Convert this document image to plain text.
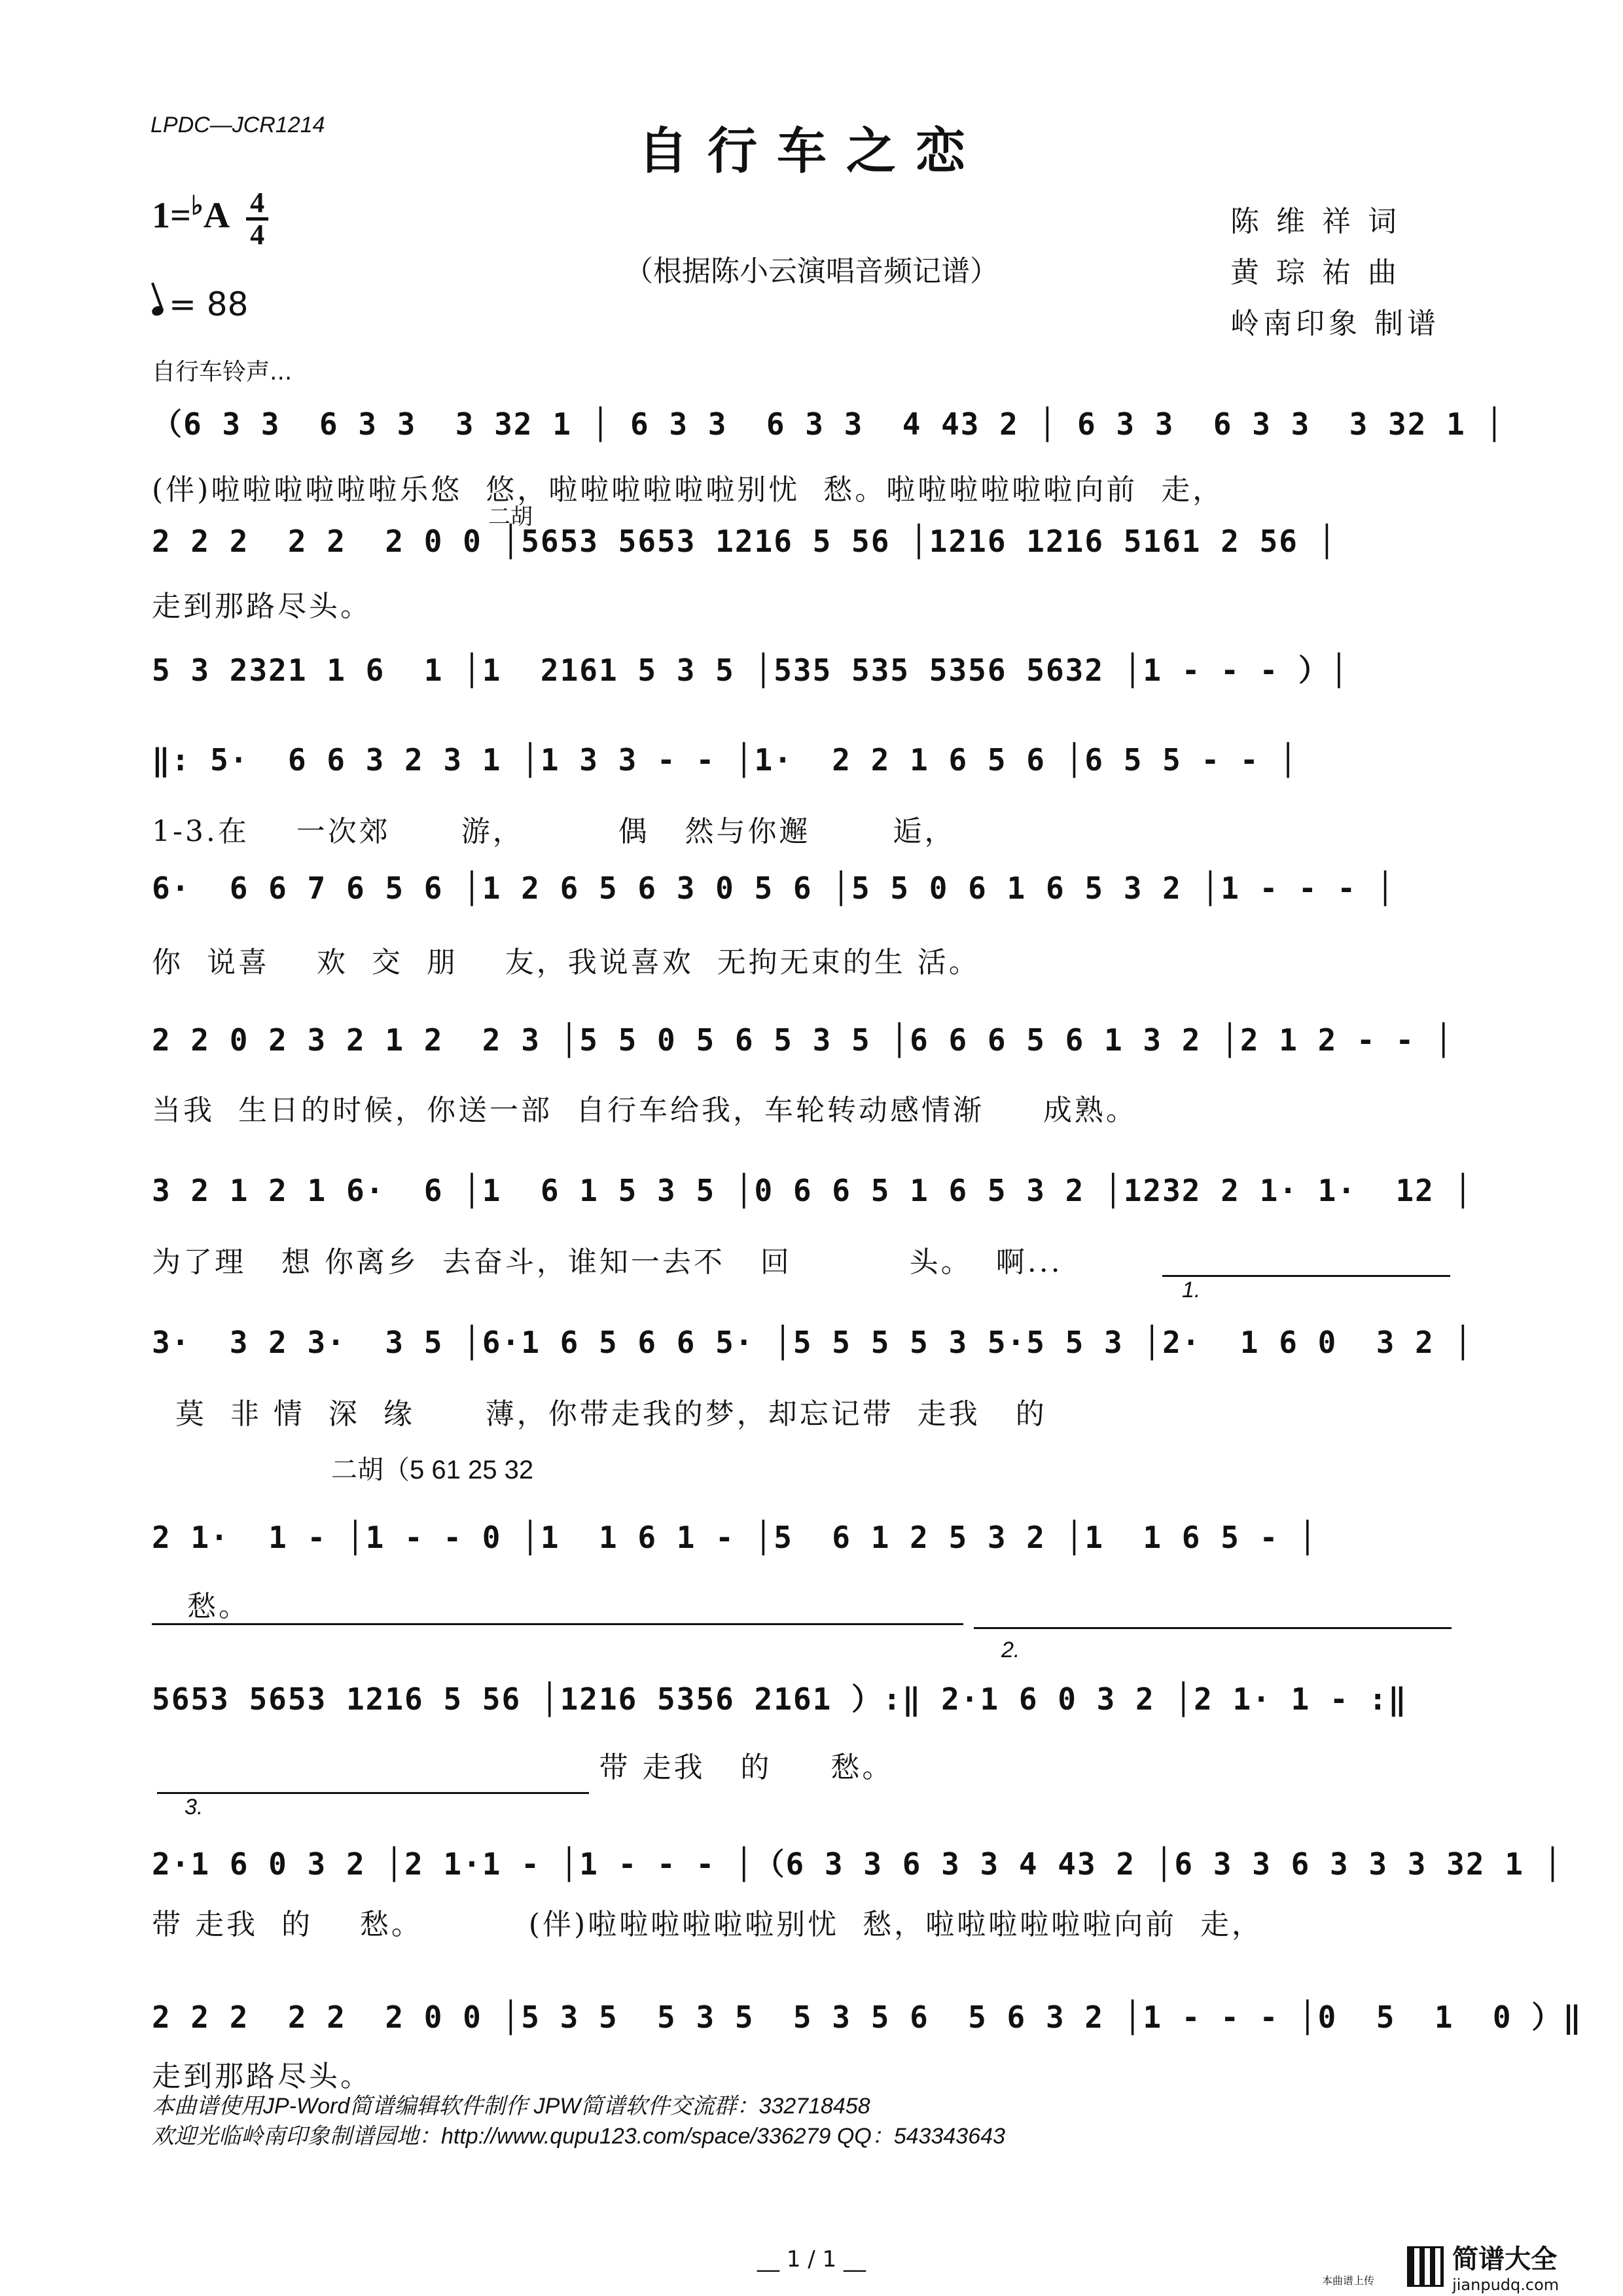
LPDC—JCR1214	自行车之恋
1=♭A 4
4
（根据陈小云演唱音频记谱）
陈 维 祥 词
黄 琮 祐 曲
岭南印象 制谱
= 88
自行车铃声...
（6 3 3  6 3 3  3 32 1 │ 6 3 3  6 3 3  4 43 2 │ 6 3 3  6 3 3  3 32 1 │
(伴)啦啦啦啦啦啦乐悠  悠，啦啦啦啦啦啦别忧  愁。啦啦啦啦啦啦向前  走，
二胡
2 2 2  2 2  2 0 0 │5653 5653 1216 5 56 │1216 1216 5161 2 56 │
走到那路尽头。
5 3 2321 1 6  1 │1  2161 5 3 5 │535 535 5356 5632 │1 - - - ）│
‖: 5·  6 6 3 2 3 1 │1 3 3 - - │1·  2 2 1 6 5 6 │6 5 5 - - │
1-3.在    一次郊      游，        偶   然与你邂       逅，
6·  6 6 7 6 5 6 │1 2 6 5 6 3 0 5 6 │5 5 0 6 1 6 5 3 2 │1 - - - │
你  说喜    欢  交  朋    友，我说喜欢  无拘无束的生 活。
2 2 0 2 3 2 1 2  2 3 │5 5 0 5 6 5 3 5 │6 6 6 5 6 1 3 2 │2 1 2 - - │
当我  生日的时候，你送一部  自行车给我，车轮转动感情渐     成熟。
3 2 1 2 1 6·  6 │1  6 1 5 3 5 │0 6 6 5 1 6 5 3 2 │1232 2 1· 1·  12 │
为了理   想 你离乡  去奋斗，谁知一去不   回          头。  啊...
1.
3·  3 2 3·  3 5 │6·1 6 5 6 6 5· │5 5 5 5 3 5·5 5 3 │2·  1 6 0  3 2 │
莫  非 情  深  缘      薄，你带走我的梦，却忘记带  走我   的
二胡（5 61 25 32
2 1·  1 - │1 - - 0 │1  1 6 1 - │5  6 1 2 5 3 2 │1  1 6 5 - │
愁。
2.
5653 5653 1216 5 56 │1216 5356 2161 ）:‖ 2·1 6 0 3 2 │2 1· 1 - :‖
带 走我   的     愁。
3.
2·1 6 0 3 2 │2 1·1 - │1 - - - │（6 3 3 6 3 3 4 43 2 │6 3 3 6 3 3 3 32 1 │
带 走我  的    愁。         (伴)啦啦啦啦啦啦别忧  愁，啦啦啦啦啦啦向前  走，
2 2 2  2 2  2 0 0 │5 3 5  5 3 5  5 3 5 6  5 6 3 2 │1 - - - │0  5  1  0 ）‖
走到那路尽头。
本曲谱使用JP-Word简谱编辑软件制作 JPW简谱软件交流群：332718458
欢迎光临岭南印象制谱园地：http://www.qupu123.com/space/336279 QQ：543343643
__ 1 / 1 __
本曲谱上传

简谱大全
jianpudq.com
